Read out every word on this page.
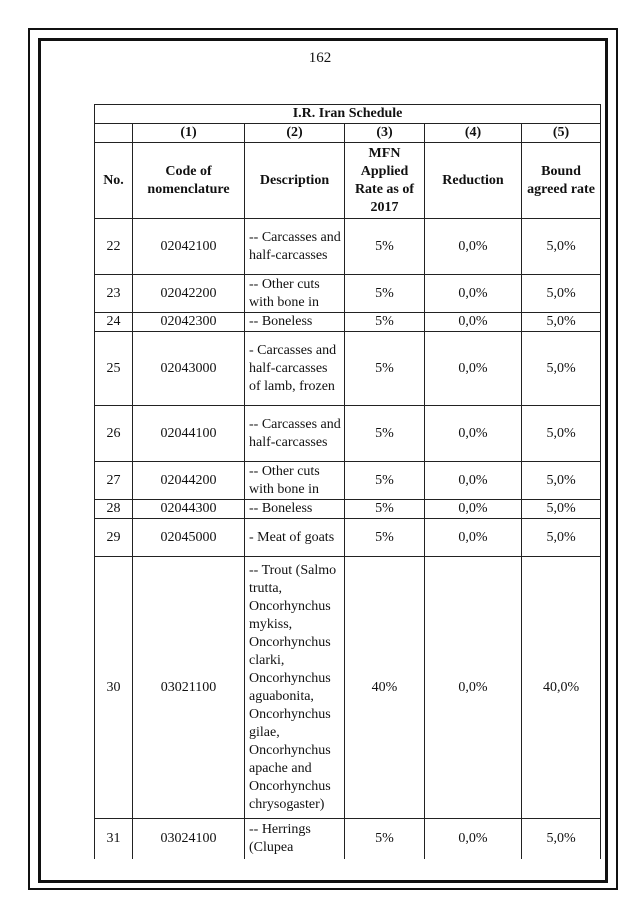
162
I.R. Iran Schedule					
	(1)	(2)	(3)	(4)	(5)
No.	Code of nomenclature	Description	MFN Applied Rate as of 2017	Reduction	Bound agreed rate
22	02042100	-- Carcasses and half-carcasses	5%	0,0%	5,0%
23	02042200	-- Other cuts with bone in	5%	0,0%	5,0%
24	02042300	-- Boneless	5%	0,0%	5,0%
25	02043000	- Carcasses and half-carcasses of lamb, frozen	5%	0,0%	5,0%
26	02044100	-- Carcasses and half-carcasses	5%	0,0%	5,0%
27	02044200	-- Other cuts with bone in	5%	0,0%	5,0%
28	02044300	-- Boneless	5%	0,0%	5,0%
29	02045000	- Meat of goats	5%	0,0%	5,0%
30	03021100	-- Trout (Salmo trutta, Oncorhynchus mykiss, Oncorhynchus clarki, Oncorhynchus aguabonita, Oncorhynchus gilae, Oncorhynchus apache and Oncorhynchus chrysogaster)	40%	0,0%	40,0%
31	03024100	-- Herrings (Clupea	5%	0,0%	5,0%
